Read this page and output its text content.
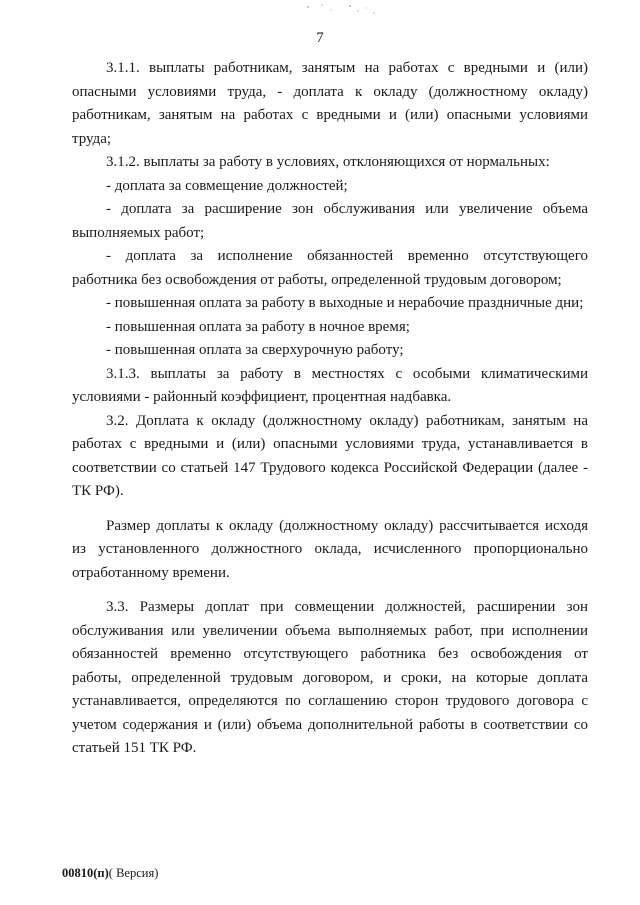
7

3.1.1. выплаты работникам, занятым на работах с вредными и (или) опасными условиями труда, - доплата к окладу (должностному окладу) работникам, занятым на работах с вредными и (или) опасными условиями труда;

3.1.2. выплаты за работу в условиях, отклоняющихся от нормальных:

- доплата за совмещение должностей;

- доплата за расширение зон обслуживания или увеличение объема выполняемых работ;

- доплата за исполнение обязанностей временно отсутствующего работника без освобождения от работы, определенной трудовым договором;

- повышенная оплата за работу в выходные и нерабочие праздничные дни;

- повышенная оплата за работу в ночное время;

- повышенная оплата за сверхурочную работу;

3.1.3. выплаты за работу в местностях с особыми климатическими условиями - районный коэффициент, процентная надбавка.

3.2. Доплата к окладу (должностному окладу) работникам, занятым на работах с вредными и (или) опасными условиями труда, устанавливается в соответствии со статьей 147 Трудового кодекса Российской Федерации (далее - ТК РФ).

Размер доплаты к окладу (должностному окладу) рассчитывается исходя из установленного должностного оклада, исчисленного пропорционально отработанному времени.

3.3. Размеры доплат при совмещении должностей, расширении зон обслуживания или увеличении объема выполняемых работ, при исполнении обязанностей временно отсутствующего работника без освобождения от работы, определенной трудовым договором, и сроки, на которые доплата устанавливается, определяются по соглашению сторон трудового договора с учетом содержания и (или) объема дополнительной работы в соответствии со статьей 151 ТК РФ.

00810(п)( Версия)
